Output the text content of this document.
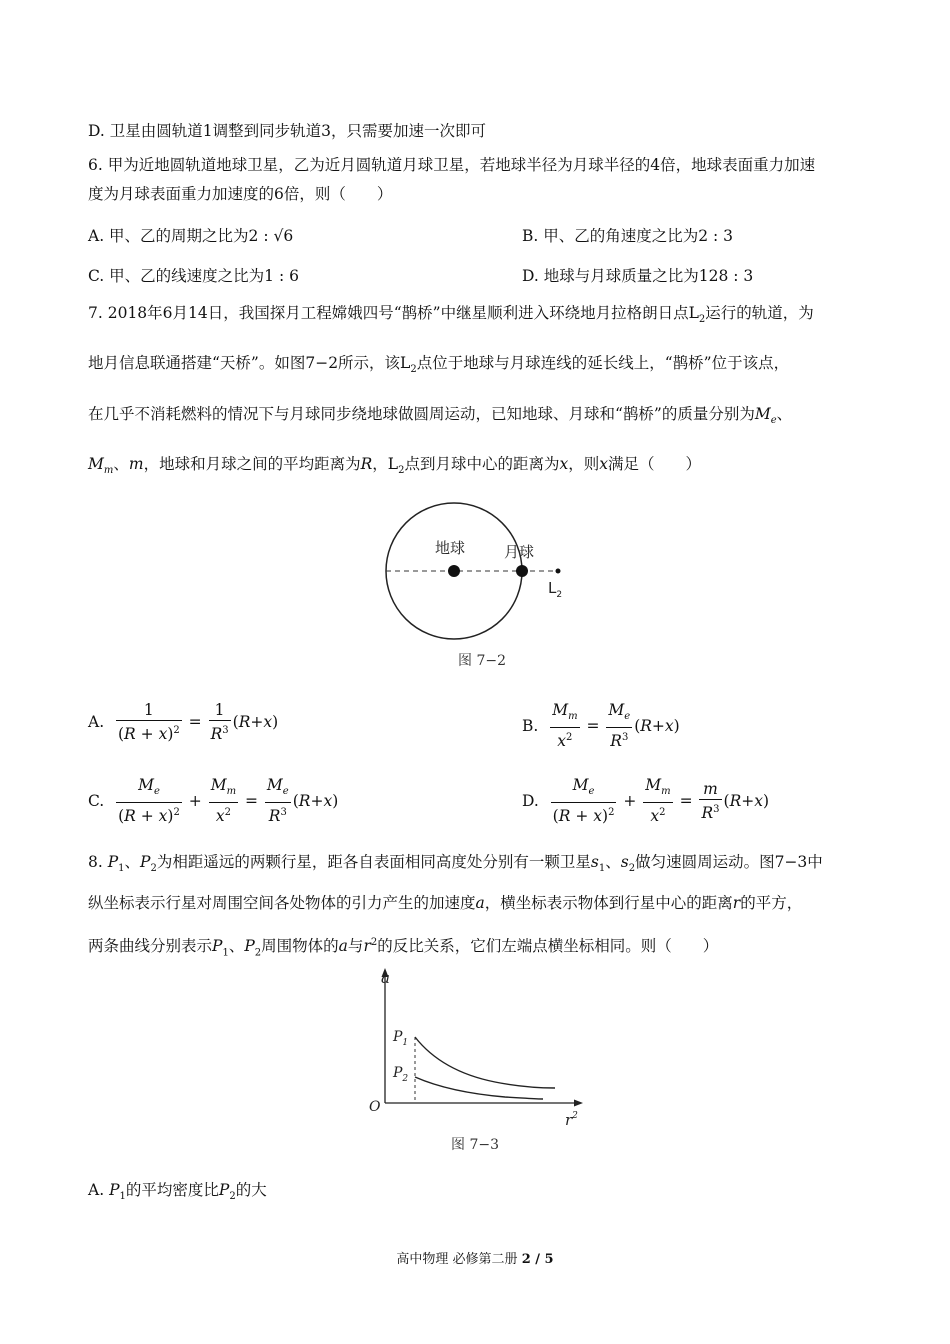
D. 卫星由圆轨道1调整到同步轨道3，只需要加速一次即可
6. 甲为近地圆轨道地球卫星，乙为近月圆轨道月球卫星，若地球半径为月球半径的4倍，地球表面重力加速
度为月球表面重力加速度的6倍，则（　　）
A. 甲、乙的周期之比为2 : √6	B. 甲、乙的角速度之比为2 : 3
C. 甲、乙的线速度之比为1 : 6	D. 地球与月球质量之比为128 : 3
7. 2018年6月14日，我国探月工程嫦娥四号“鹊桥”中继星顺利进入环绕地月拉格朗日点$L_2$运行的轨道，为
地月信息联通搭建“天桥”。如图7−2所示，该$L_2$点位于地球与月球连线的延长线上，“鹊桥”位于该点，
在几乎不消耗燃料的情况下与月球同步绕地球做圆周运动，已知地球、月球和“鹊桥”的质量分别为$M_e$、
$M_m$、m，地球和月球之间的平均距离为R，$L_2$点到月球中心的距离为x，则x满足（　　）
地球	月球
$L_2$
图 7−2
A.
$\frac{1}{(R + x)^2} = \frac{1}{R^3}$ ( R + x )	B.
$\frac{M_m}{x^2} = \frac{M_e}{R^3}$ ( R + x )
C.
$\frac{M_e}{(R + x)^2} + \frac{M_m}{x^2} = \frac{M_e}{R^3}$ ( R + x )	D.
$\frac{M_e}{(R + x)^2} + \frac{M_m}{x^2} = \frac{m}{R^3}$ ( R + x )
8. $P_1$、$P_2$为相距遥远的两颗行星，距各自表面相同高度处分别有一颗卫星$s_1$、$s_2$做匀速圆周运动。图7−3中
纵坐标表示行星对周围空间各处物体的引力产生的加速度a，横坐标表示物体到行星中心的距离r的平方，
两条曲线分别表示$P_1$、$P_2$周围物体的a与$r^2$的反比关系，它们左端点横坐标相同。则（　　）
a
$r^2$
O
$P_1$
$P_2$
图 7−3
A. $P_1$的平均密度比$P_2$的大
高中物理 必修第二册 2 / 5
